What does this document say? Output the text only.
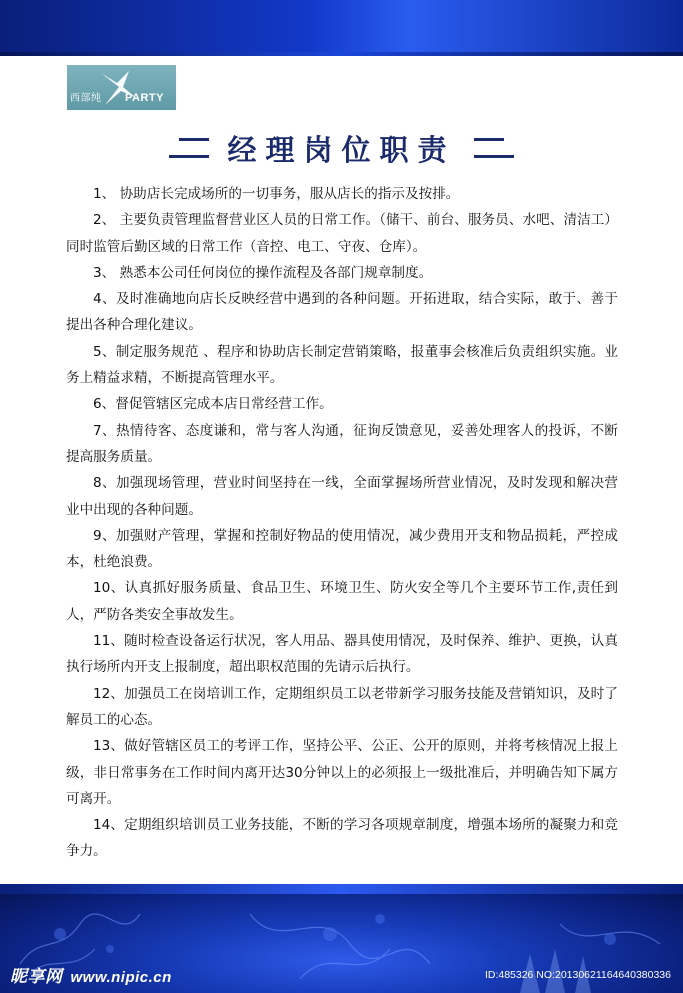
西部纯 PARTY
经理岗位职责

1、 协助店长完成场所的一切事务，服从店长的指示及按排。

2、 主要负责管理监督营业区人员的日常工作。（储干、前台、服务员、水吧、清洁工）同时监管后勤区域的日常工作（音控、电工、守夜、仓库）。

3、 熟悉本公司任何岗位的操作流程及各部门规章制度。

4、及时准确地向店长反映经营中遇到的各种问题。开拓进取，结合实际，敢于、善于提出各种合理化建议。

5、制定服务规范 、程序和协助店长制定营销策略，报董事会核准后负责组织实施。业务上精益求精，不断提高管理水平。

6、督促管辖区完成本店日常经营工作。

7、热情待客、态度谦和，常与客人沟通，征询反馈意见，妥善处理客人的投诉，不断提高服务质量。

8、加强现场管理，营业时间坚持在一线，全面掌握场所营业情况，及时发现和解决营业中出现的各种问题。

9、加强财产管理，掌握和控制好物品的使用情况，减少费用开支和物品损耗，严控成本，杜绝浪费。

10、认真抓好服务质量、食品卫生、环境卫生、防火安全等几个主要环节工作,责任到人，严防各类安全事故发生。

11、随时检查设备运行状况，客人用品、器具使用情况，及时保养、维护、更换，认真执行场所内开支上报制度，超出职权范围的先请示后执行。

12、加强员工在岗培训工作，定期组织员工以老带新学习服务技能及营销知识，及时了解员工的心态。

13、做好管辖区员工的考评工作，坚持公平、公正、公开的原则，并将考核情况上报上级，非日常事务在工作时间内离开达30分钟以上的必须报上一级批准后，并明确告知下属方可离开。

14、定期组织培训员工业务技能，不断的学习各项规章制度，增强本场所的凝聚力和竞争力。

昵享网 www.nipic.cn	ID:485326 NO:20130621164640380336
